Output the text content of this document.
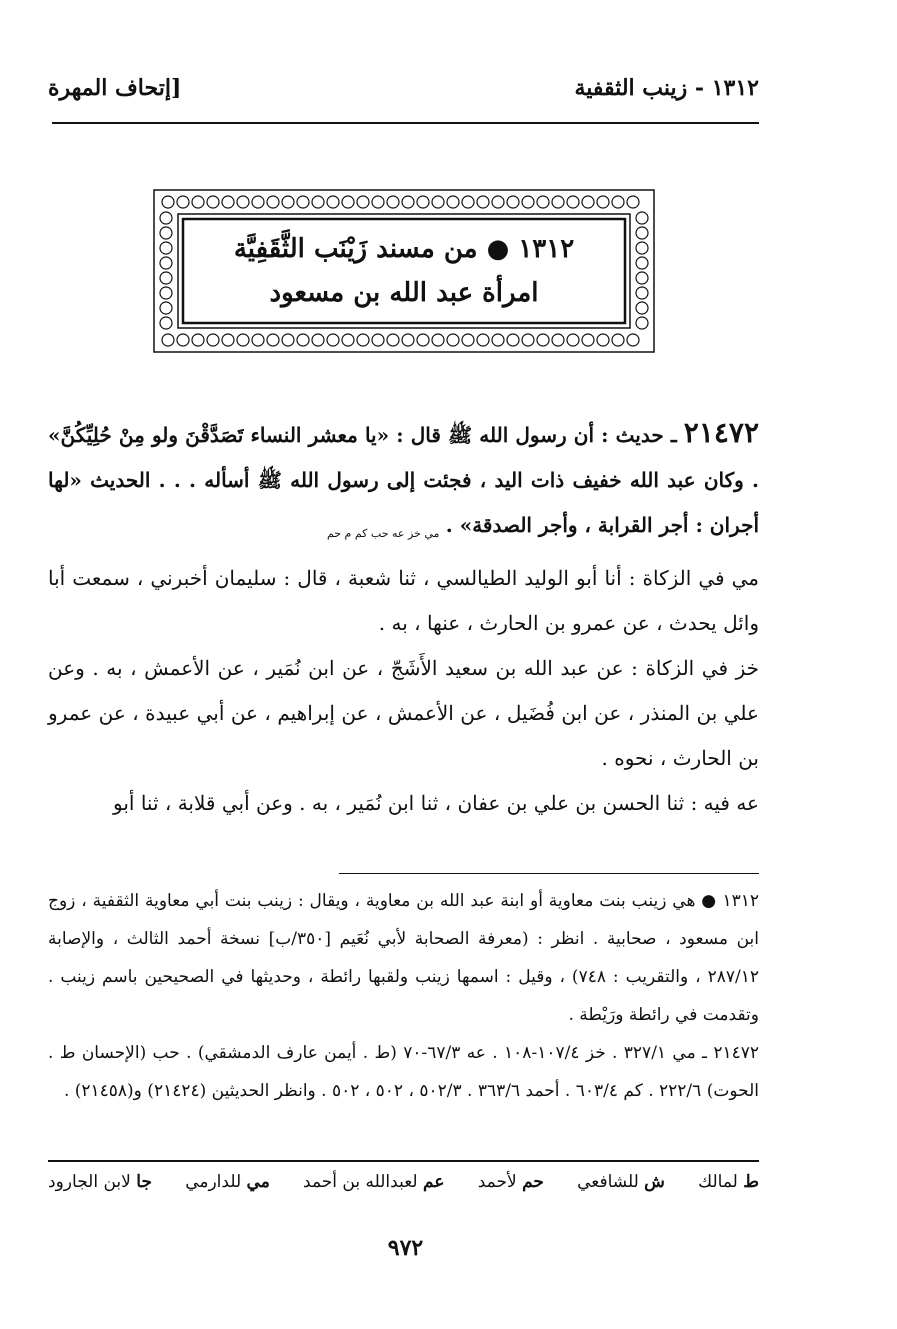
١٣١٢ - زينب الثقفية
[إتحاف المهرة
١٣١٢ ● من مسند زَيْنَب الثَّقَفِيَّة
امرأة عبد الله بن مسعود

٢١٤٧٢ ـ حديث : أن رسول الله ﷺ قال : «يا معشر النساء تَصَدَّقْنَ ولو مِنْ حُلِيِّكُنَّ» . وكان عبد الله خفيف ذات اليد ، فجئت إلى رسول الله ﷺ أسأله . . . الحديث «لها أجران : أجر القرابة ، وأجر الصدقة» . $_{مي خز عه حب كم م حم}$

مي في الزكاة : أنا أبو الوليد الطيالسي ، ثنا شعبة ، قال : سليمان أخبرني ، سمعت أبا وائل يحدث ، عن عمرو بن الحارث ، عنها ، به .

خز في الزكاة : عن عبد الله بن سعيد الأَشَجّ ، عن ابن نُمَير ، عن الأعمش ، به . وعن علي بن المنذر ، عن ابن فُضَيل ، عن الأعمش ، عن إبراهيم ، عن أبي عبيدة ، عن عمرو بن الحارث ، نحوه .

عه فيه : ثنا الحسن بن علي بن عفان ، ثنا ابن نُمَير ، به . وعن أبي قلابة ، ثنا أبو

١٣١٢ ● هي زينب بنت معاوية أو ابنة عبد الله بن معاوية ، ويقال : زينب بنت أبي معاوية الثقفية ، زوج ابن مسعود ، صحابية . انظر : (معرفة الصحابة لأبي نُعَيم [٣٥٠/ب] نسخة أحمد الثالث ، والإصابة ٢٨٧/١٢ ، والتقريب : ٧٤٨) ، وقيل : اسمها زينب ولقبها رائطة ، وحديثها في الصحيحين باسم زينب . وتقدمت في رائطة ورَيْطة .

٢١٤٧٢ ـ مي ٣٢٧/١ . خز ١٠٧/٤-١٠٨ . عه ٦٧/٣-٧٠ (ط . أيمن عارف الدمشقي) . حب (الإحسان ط . الحوت) ٢٢٢/٦ . كم ٦٠٣/٤ . أحمد ٣٦٣/٦ . ٥٠٢/٣ ، ٥٠٢ ، ٥٠٢ . وانظر الحديثين (٢١٤٢٤) و(٢١٤٥٨) .

ط لمالك
ش للشافعي
حم لأحمد
عم لعبدالله بن أحمد
مي للدارمي
جا لابن الجارود
٩٧٢
